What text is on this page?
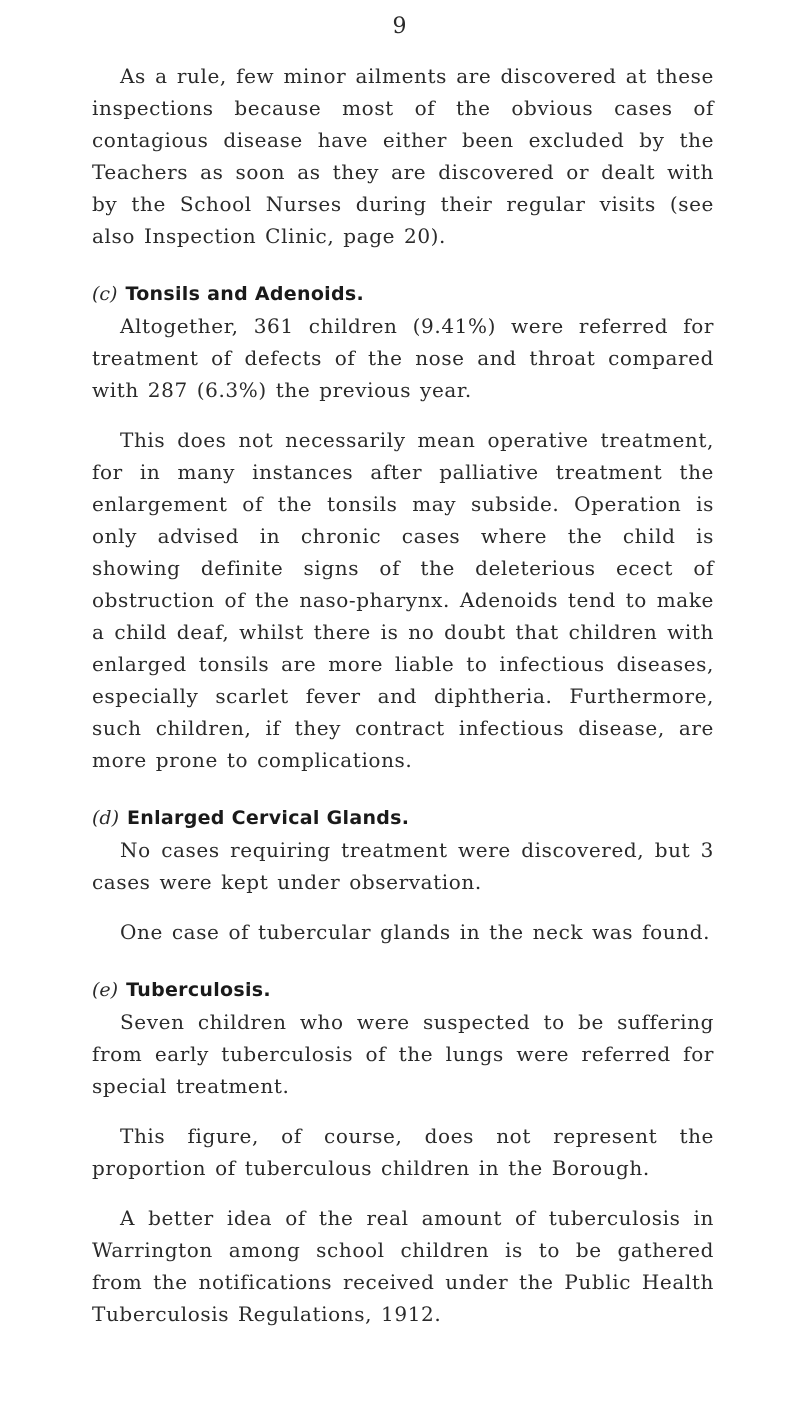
9

As a rule, few minor ailments are discovered at these inspections because most of the obvious cases of contagious disease have either been excluded by the Teachers as soon as they are discovered or dealt with by the School Nurses during their regular visits (see also Inspection Clinic, page 20).

(c) Tonsils and Adenoids.

Altogether, 361 children (9.41%) were referred for treatment of defects of the nose and throat compared with 287 (6.3%) the previous year.

This does not necessarily mean operative treatment, for in many instances after palliative treatment the enlargement of the tonsils may subside. Operation is only advised in chronic cases where the child is showing definite signs of the deleterious ecect of obstruction of the naso-pharynx. Adenoids tend to make a child deaf, whilst there is no doubt that children with enlarged tonsils are more liable to infectious diseases, especially scarlet fever and diphtheria. Furthermore, such children, if they contract infectious disease, are more prone to complications.

(d) Enlarged Cervical Glands.

No cases requiring treatment were discovered, but 3 cases were kept under observation.

One case of tubercular glands in the neck was found.

(e) Tuberculosis.

Seven children who were suspected to be suffering from early tuberculosis of the lungs were referred for special treatment.

This figure, of course, does not represent the proportion of tuberculous children in the Borough.

A better idea of the real amount of tuberculosis in Warrington among school children is to be gathered from the notifications received under the Public Health Tuberculosis Regulations, 1912.
